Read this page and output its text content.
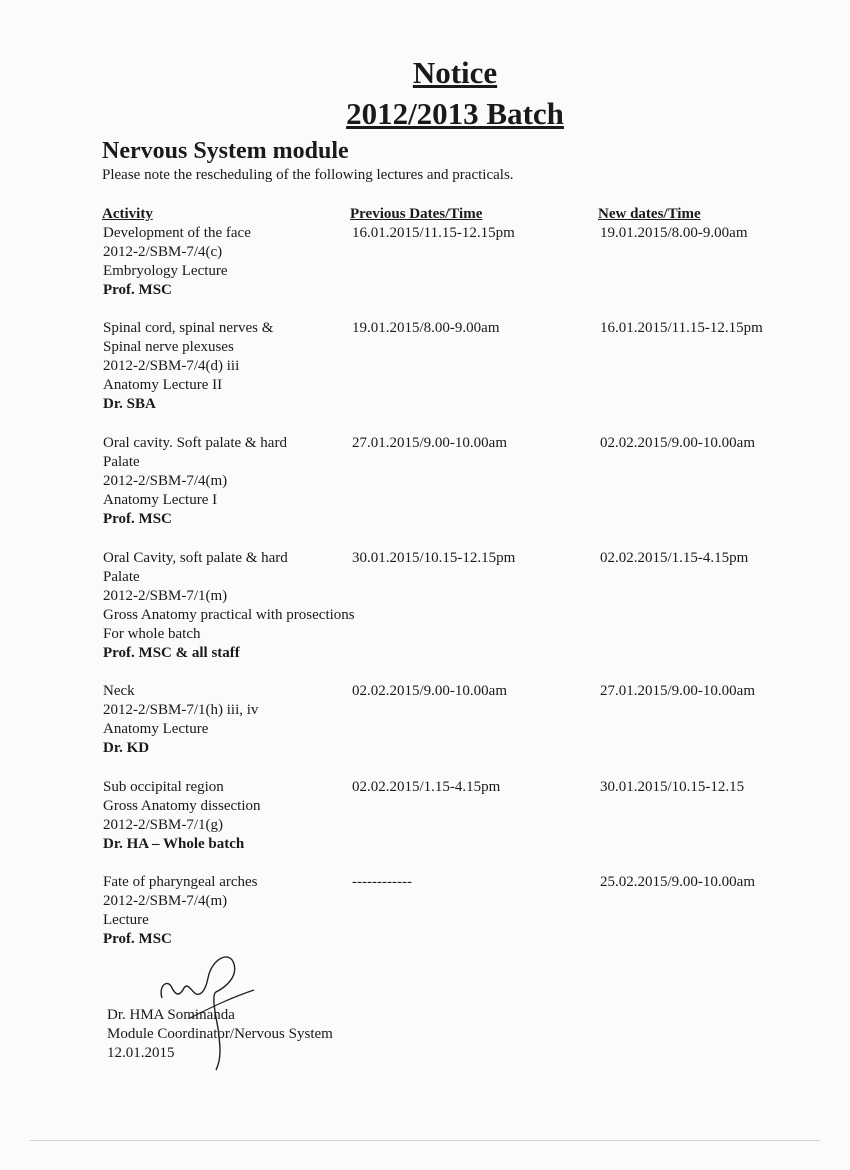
Notice
2012/2013 Batch
Nervous System module
Please note the rescheduling of the following lectures and practicals.
Activity	Previous Dates/Time	New dates/Time
Development of the face
2012-2/SBM-7/4(c)
Embryology Lecture
Prof. MSC
16.01.2015/11.15-12.15pm	19.01.2015/8.00-9.00am
Spinal cord, spinal nerves &
Spinal nerve plexuses
2012-2/SBM-7/4(d) iii
Anatomy Lecture II
Dr. SBA
19.01.2015/8.00-9.00am	16.01.2015/11.15-12.15pm
Oral cavity. Soft palate & hard
Palate
2012-2/SBM-7/4(m)
Anatomy Lecture I
Prof. MSC
27.01.2015/9.00-10.00am	02.02.2015/9.00-10.00am
Oral Cavity, soft palate & hard
Palate
2012-2/SBM-7/1(m)
Gross Anatomy practical with prosections
For whole batch
Prof. MSC & all staff
30.01.2015/10.15-12.15pm	02.02.2015/1.15-4.15pm
Neck
2012-2/SBM-7/1(h) iii, iv
Anatomy Lecture
Dr. KD
02.02.2015/9.00-10.00am	27.01.2015/9.00-10.00am
Sub occipital region
Gross Anatomy dissection
2012-2/SBM-7/1(g)
Dr. HA – Whole batch
02.02.2015/1.15-4.15pm	30.01.2015/10.15-12.15
Fate of pharyngeal arches
2012-2/SBM-7/4(m)
Lecture
Prof. MSC
------------	25.02.2015/9.00-10.00am
Dr. HMA Sominanda
Module Coordinator/Nervous System
12.01.2015
